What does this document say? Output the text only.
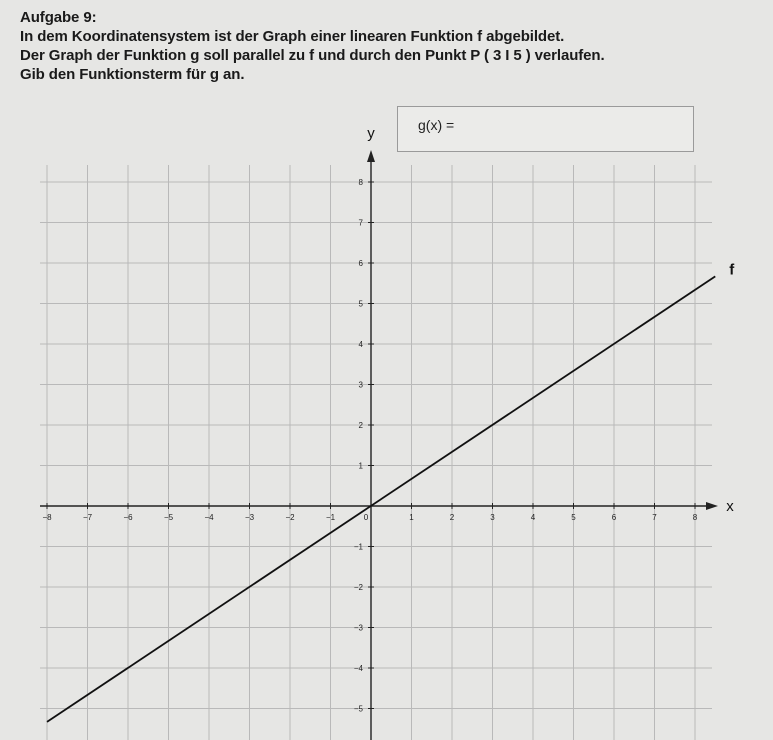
Aufgabe 9:
In dem Koordinatensystem ist der Graph einer linearen Funktion f abgebildet.
Der Graph der Funktion g soll parallel zu f und durch den Punkt P ( 3 I 5 ) verlaufen.
Gib den Funktionsterm für g an.
x
y
−8	−7	−6	−5	−4	−3	−2	−1	0	1	2	3	4	5	6	7	8
−5
−4
−3
−2
−1
1
2
3
4
5
6
7
8
f
g(x) =
